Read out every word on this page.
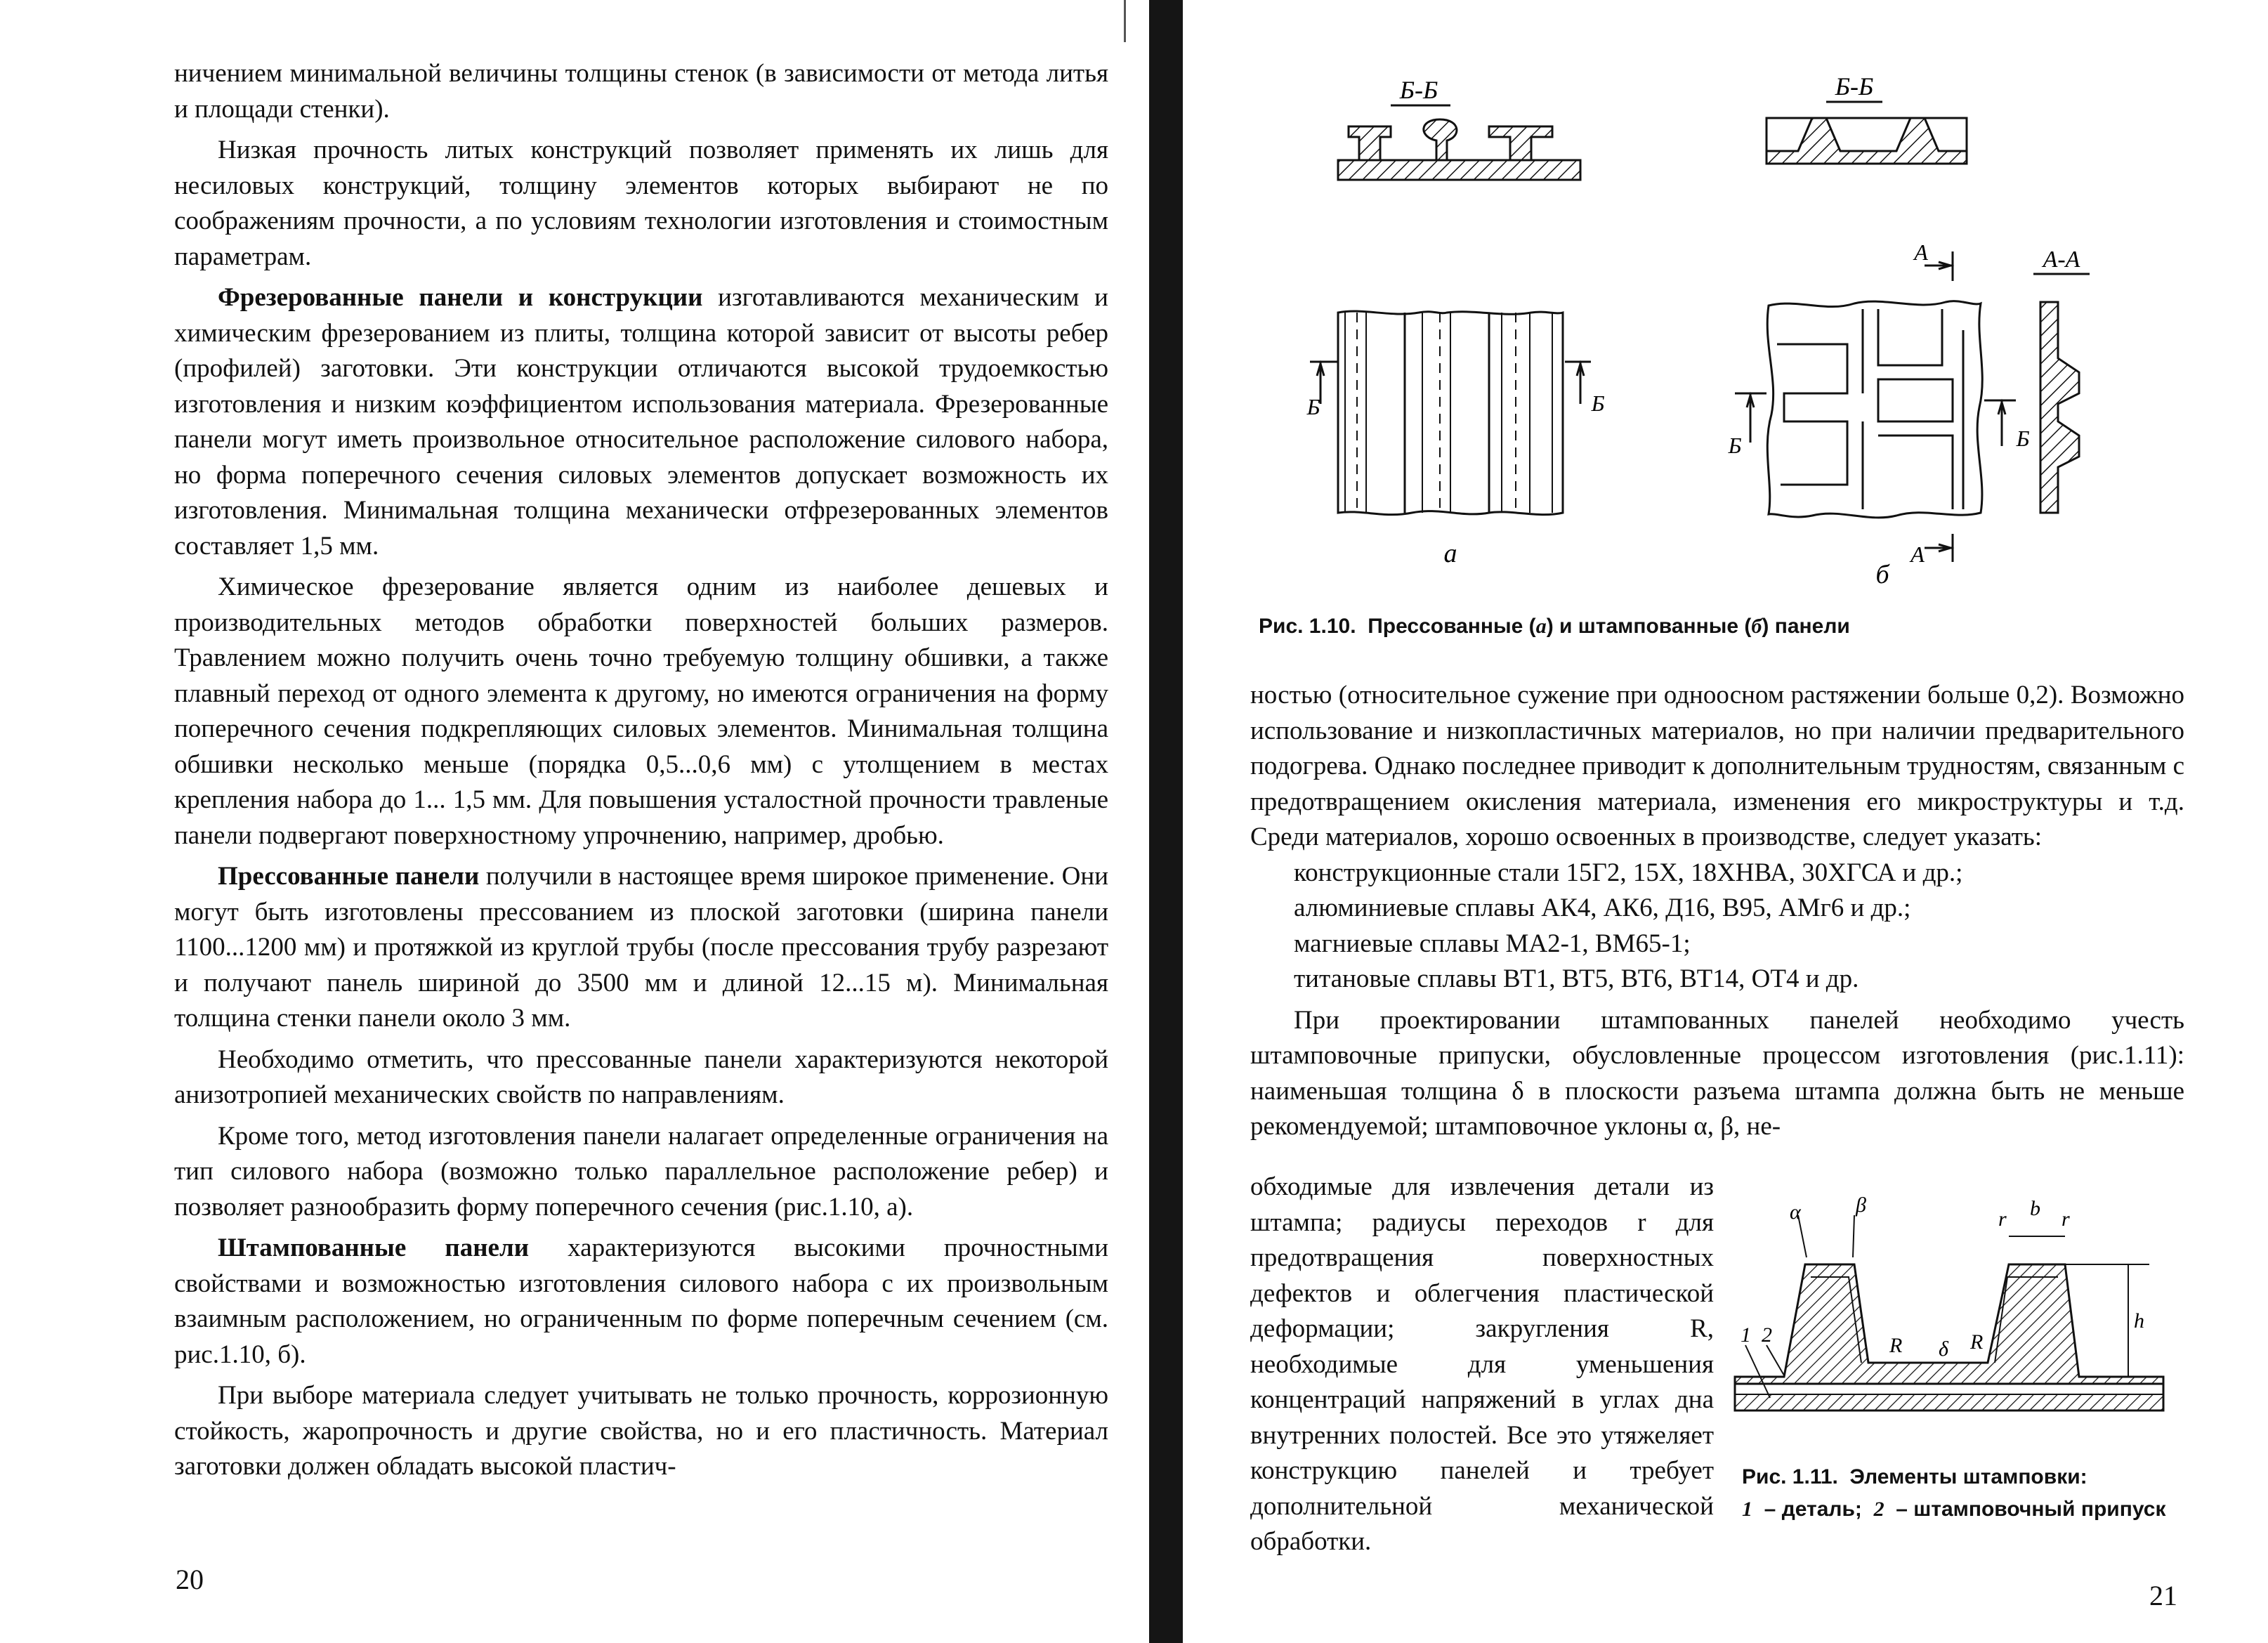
ничением минимальной величины толщины стенок (в зависимости от метода литья и площади стенки).

Низкая прочность литых конструкций позволяет применять их лишь для несиловых конструкций, толщину элементов которых выбирают не по соображениям прочности, а по условиям технологии изготовления и стоимостным параметрам.

Фрезерованные панели и конструкции изготавливаются механическим и химическим фрезерованием из плиты, толщина которой зависит от высоты ребер (профилей) заготовки. Эти конструкции отличаются высокой трудоемкостью изготовления и низким коэффициентом использования материала. Фрезерованные панели могут иметь произвольное относительное расположение силового набора, но форма поперечного сечения силовых элементов допускает возможность их изготовления. Минимальная толщина механически отфрезерованных элементов составляет 1,5 мм.

Химическое фрезерование является одним из наиболее дешевых и производительных методов обработки поверхностей больших размеров. Травлением можно получить очень точно требуемую толщину обшивки, а также плавный переход от одного элемента к другому, но имеются ограничения на форму поперечного сечения подкрепляющих силовых элементов. Минимальная толщина обшивки несколько меньше (порядка 0,5...0,6 мм) с утолщением в местах крепления набора до 1... 1,5 мм. Для повышения усталостной прочности травленые панели подвергают поверхностному упрочнению, например, дробью.

Прессованные панели получили в настоящее время широкое применение. Они могут быть изготовлены прессованием из плоской заготовки (ширина панели 1100...1200 мм) и протяжкой из круглой трубы (после прессования трубу разрезают и получают панель шириной до 3500 мм и длиной 12...15 м). Минимальная толщина стенки панели около 3 мм.

Необходимо отметить, что прессованные панели характеризуются некоторой анизотропией механических свойств по направлениям.

Кроме того, метод изготовления панели налагает определенные ограничения на тип силового набора (возможно только параллельное расположение ребер) и позволяет разнообразить форму поперечного сечения (рис.1.10, а).

Штампованные панели характеризуются высокими прочностными свойствами и возможностью изготовления силового набора с их произвольным взаимным расположением, но ограниченным по форме поперечным сечением (см. рис.1.10, б).

При выборе материала следует учитывать не только прочность, коррозионную стойкость, жаропрочность и другие свойства, но и его пластичность. Материал заготовки должен обладать высокой пластич-

20
Б-Б	Б-Б
Б	Б
а
Б	Б
А
А
б
А-А
Рис. 1.10. Прессованные (а) и штампованные (б) панели

ностью (относительное сужение при одноосном растяжении больше 0,2). Возможно использование и низкопластичных материалов, но при наличии предварительного подогрева. Однако последнее приводит к дополнительным трудностям, связанным с предотвращением окисления материала, изменения его микроструктуры и т.д. Среди материалов, хорошо освоенных в производстве, следует указать:

конструкционные стали 15Г2, 15Х, 18ХНВА, 30ХГСА и др.;

алюминиевые сплавы АК4, АК6, Д16, В95, АМг6 и др.;

магниевые сплавы МА2-1, ВМ65-1;

титановые сплавы ВТ1, ВТ5, ВТ6, ВТ14, ОТ4 и др.

При проектировании штампованных панелей необходимо учесть штамповочные припуски, обусловленные процессом изготовления (рис.1.11): наименьшая толщина δ в плоскости разъема штампа должна быть не меньше рекомендуемой; штамповочное уклоны α, β, не-

обходимые для извлечения детали из штампа; радиусы переходов r для предотвращения поверхностных дефектов и облегчения пластической деформации; закругления R, необходимые для уменьшения концентраций напряжений в углах дна внутренних полостей. Все это утяжеляет конструкцию панелей и требует дополнительной механической обработки.

α	β
r b r
h
R δ R
1 2
Рис. 1.11. Элементы штамповки:
1 – деталь; 2 – штамповочный припуск
21
